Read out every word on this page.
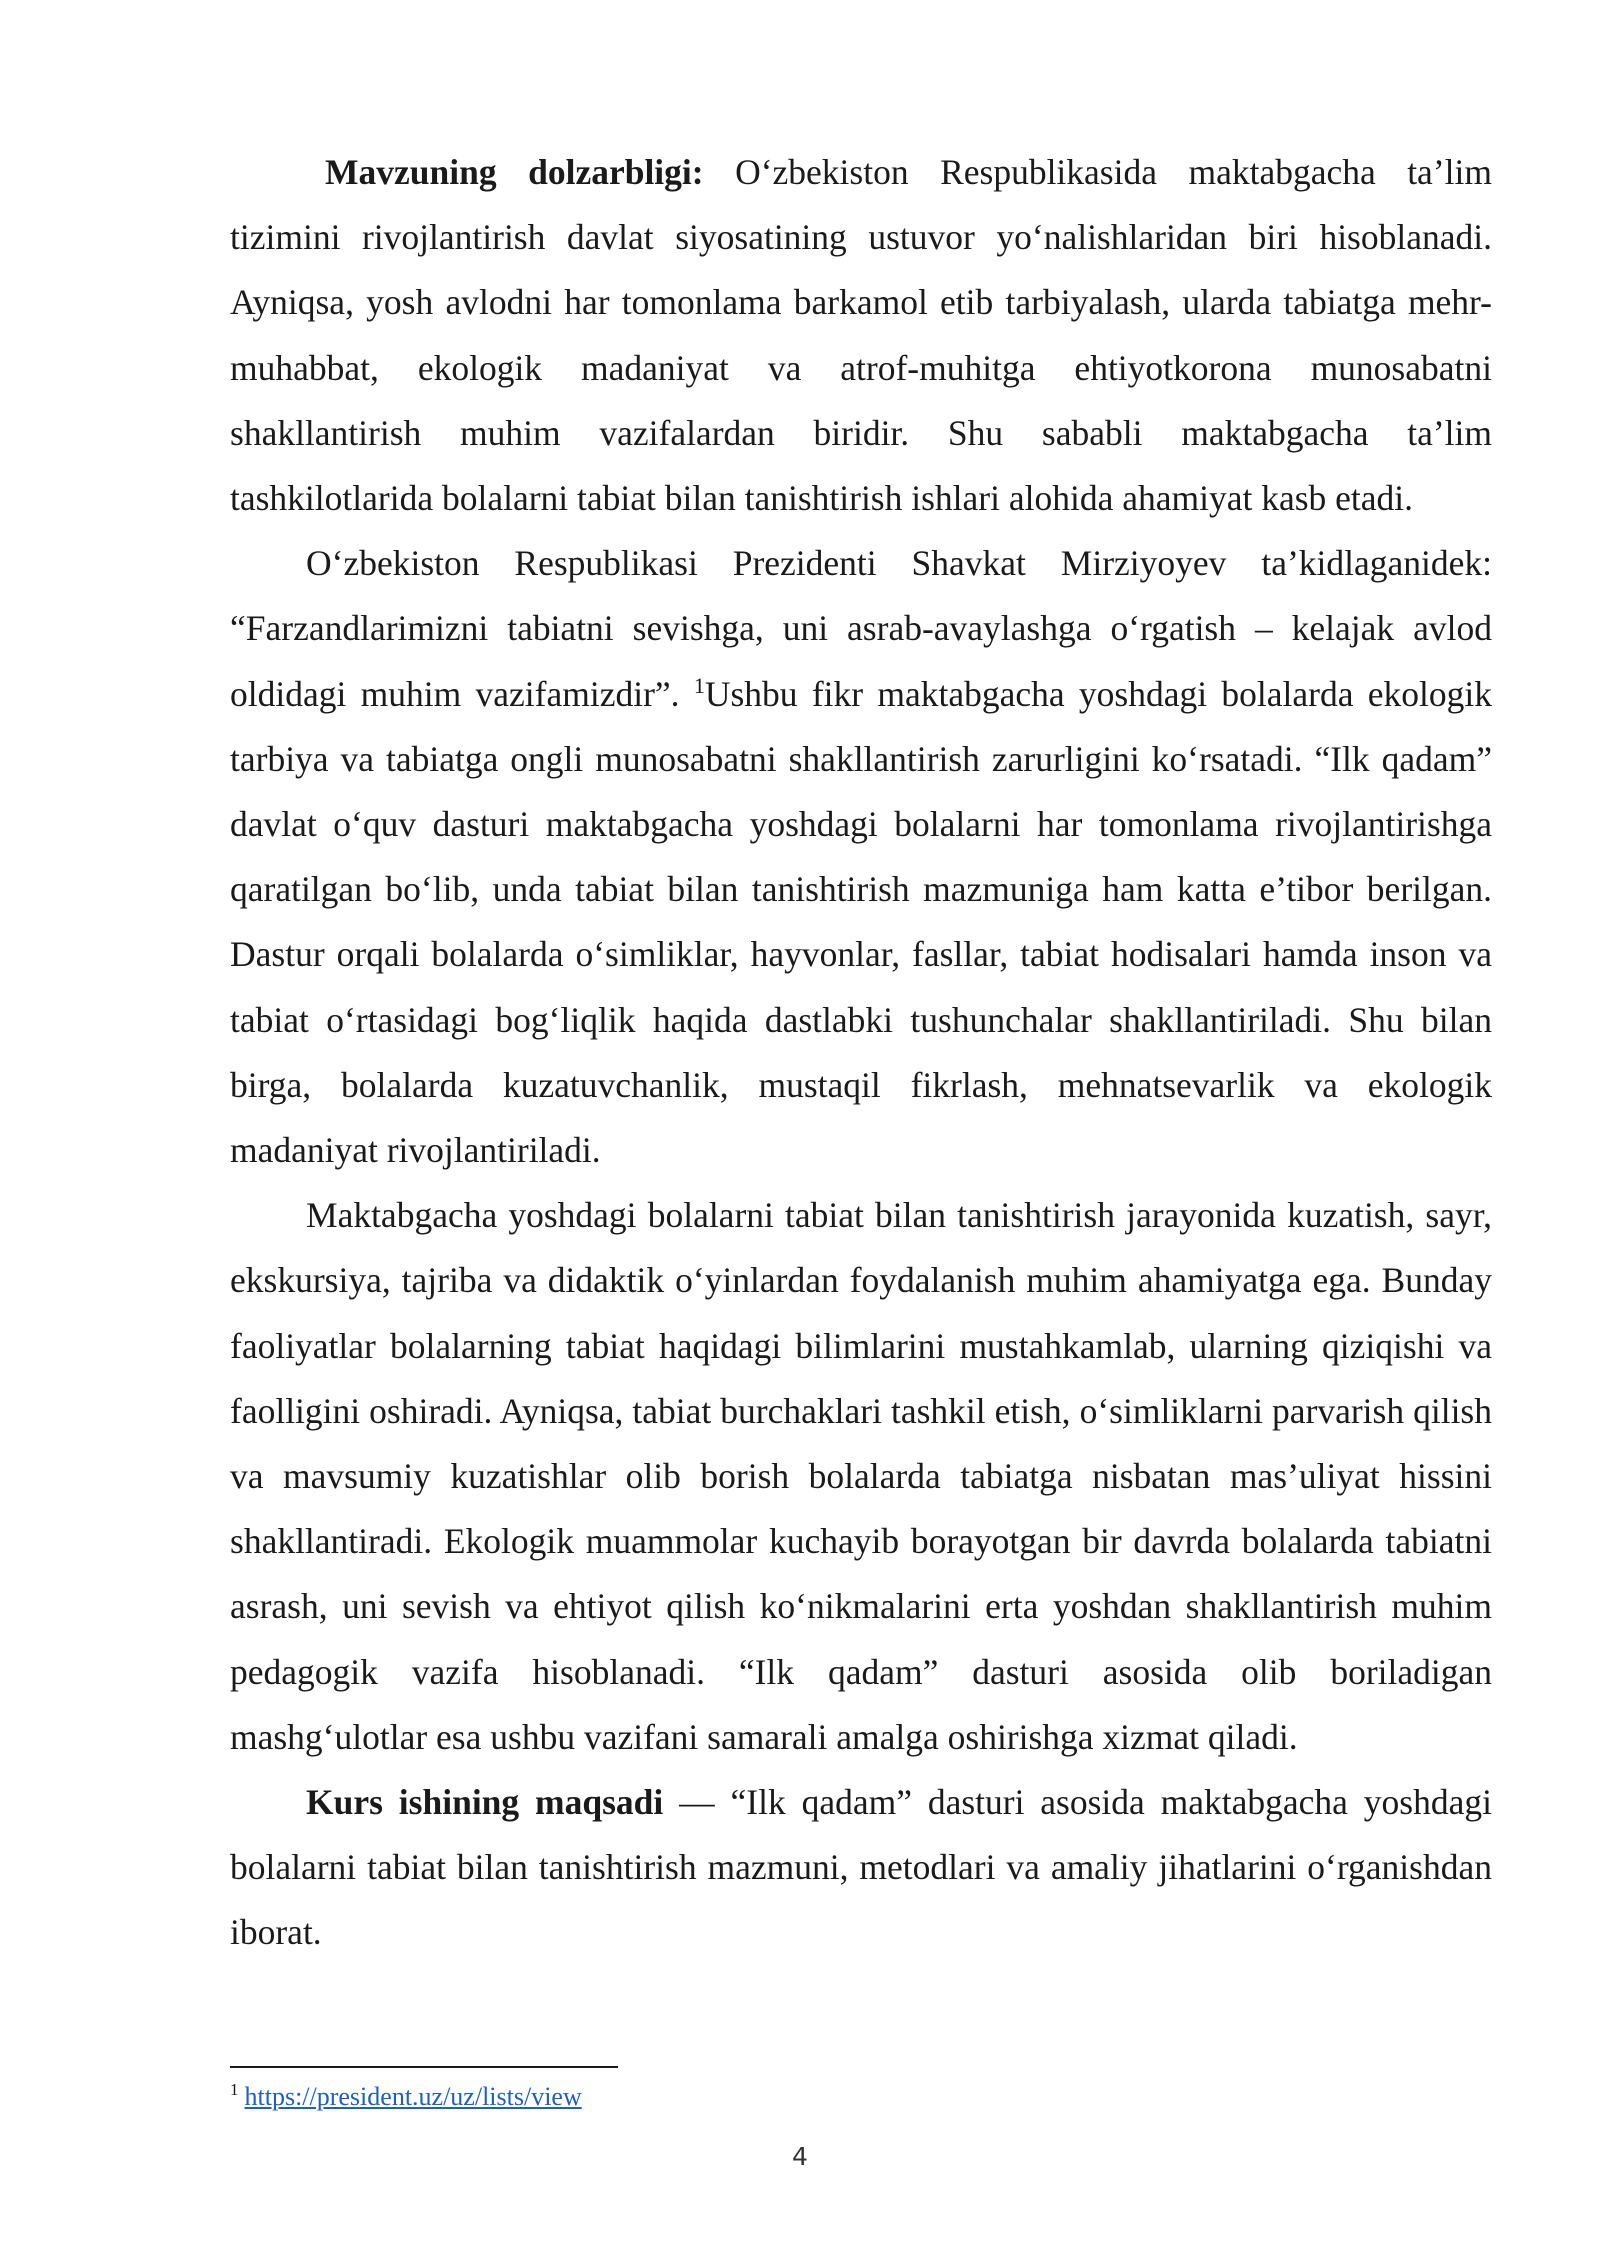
Mavzuning dolzarbligi: O‘zbekiston Respublikasida maktabgacha ta’lim tizimini rivojlantirish davlat siyosatining ustuvor yo‘nalishlaridan biri hisoblanadi. Ayniqsa, yosh avlodni har tomonlama barkamol etib tarbiyalash, ularda tabiatga mehr-muhabbat, ekologik madaniyat va atrof-muhitga ehtiyotkorona munosabatni shakllantirish muhim vazifalardan biridir. Shu sababli maktabgacha ta’lim tashkilotlarida bolalarni tabiat bilan tanishtirish ishlari alohida ahamiyat kasb etadi.

O‘zbekiston Respublikasi Prezidenti Shavkat Mirziyoyev ta’kidlaganidek: “Farzandlarimizni tabiatni sevishga, uni asrab-avaylashga o‘rgatish – kelajak avlod oldidagi muhim vazifamizdir”. $^1$Ushbu fikr maktabgacha yoshdagi bolalarda ekologik tarbiya va tabiatga ongli munosabatni shakllantirish zarurligini ko‘rsatadi. “Ilk qadam” davlat o‘quv dasturi maktabgacha yoshdagi bolalarni har tomonlama rivojlantirishga qaratilgan bo‘lib, unda tabiat bilan tanishtirish mazmuniga ham katta e’tibor berilgan. Dastur orqali bolalarda o‘simliklar, hayvonlar, fasllar, tabiat hodisalari hamda inson va tabiat o‘rtasidagi bog‘liqlik haqida dastlabki tushunchalar shakllantiriladi. Shu bilan birga, bolalarda kuzatuvchanlik, mustaqil fikrlash, mehnatsevarlik va ekologik madaniyat rivojlantiriladi.

Maktabgacha yoshdagi bolalarni tabiat bilan tanishtirish jarayonida kuzatish, sayr, ekskursiya, tajriba va didaktik o‘yinlardan foydalanish muhim ahamiyatga ega. Bunday faoliyatlar bolalarning tabiat haqidagi bilimlarini mustahkamlab, ularning qiziqishi va faolligini oshiradi. Ayniqsa, tabiat burchaklari tashkil etish, o‘simliklarni parvarish qilish va mavsumiy kuzatishlar olib borish bolalarda tabiatga nisbatan mas’uliyat hissini shakllantiradi. Ekologik muammolar kuchayib borayotgan bir davrda bolalarda tabiatni asrash, uni sevish va ehtiyot qilish ko‘nikmalarini erta yoshdan shakllantirish muhim pedagogik vazifa hisoblanadi. “Ilk qadam” dasturi asosida olib boriladigan mashg‘ulotlar esa ushbu vazifani samarali amalga oshirishga xizmat qiladi.

Kurs ishining maqsadi — “Ilk qadam” dasturi asosida maktabgacha yoshdagi bolalarni tabiat bilan tanishtirish mazmuni, metodlari va amaliy jihatlarini o‘rganishdan iborat.

$^1$ https://president.uz/uz/lists/view
4
